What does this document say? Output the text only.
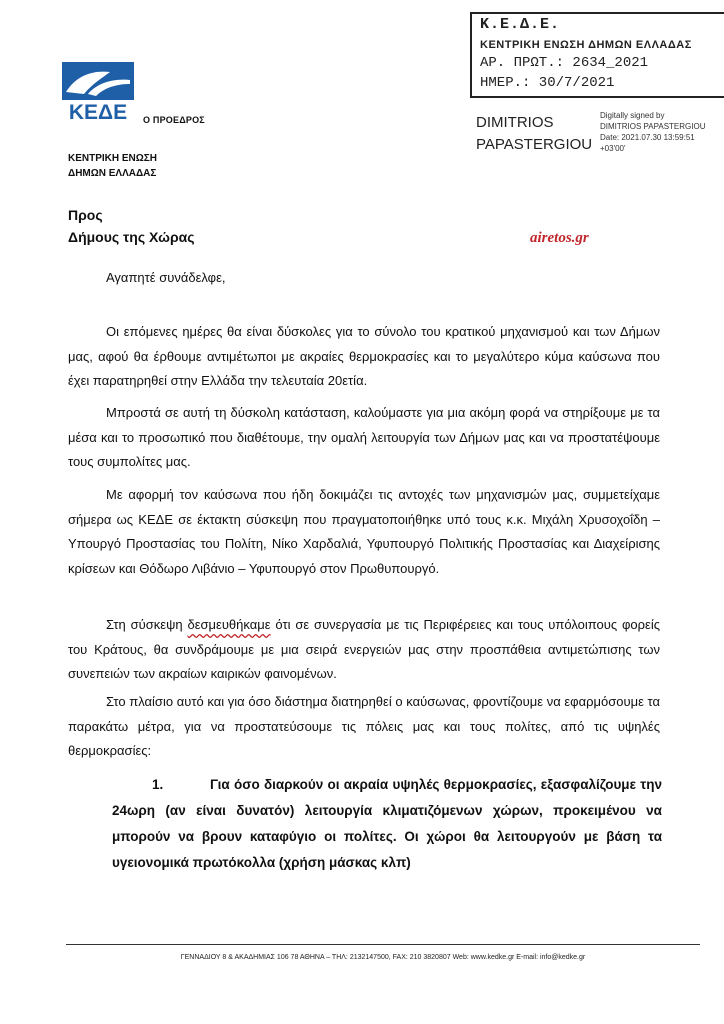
ΚΕΔΕ Ο ΠΡΟΕΔΡΟΣ
ΚΕΝΤΡΙΚΗ ΕΝΩΣΗ
ΔΗΜΩΝ ΕΛΛΑΔΑΣ
Κ.Ε.Δ.Ε.
ΚΕΝΤΡΙΚΗ ΕΝΩΣΗ ΔΗΜΩΝ ΕΛΛΑΔΑΣ
ΑΡ. ΠΡΩΤ.: 2634_2021
ΗΜΕΡ.: 30/7/2021
DIMITRIOS
PAPASTERGIOU
Digitally signed by
DIMITRIOS PAPASTERGIOU
Date: 2021.07.30 13:59:51
+03'00'
Προς
Δήμους της Χώρας	airetos.gr
Αγαπητέ συνάδελφε,
Οι επόμενες ημέρες θα είναι δύσκολες για το σύνολο του κρατικού μηχανισμού και των Δήμων μας, αφού θα έρθουμε αντιμέτωποι με ακραίες θερμοκρασίες και το μεγαλύτερο κύμα καύσωνα που έχει παρατηρηθεί στην Ελλάδα την τελευταία 20ετία.
Μπροστά σε αυτή τη δύσκολη κατάσταση, καλούμαστε για μια ακόμη φορά να στηρίξουμε με τα μέσα και το προσωπικό που διαθέτουμε, την ομαλή λειτουργία των Δήμων μας και να προστατέψουμε τους συμπολίτες μας.
Με αφορμή τον καύσωνα που ήδη δοκιμάζει τις αντοχές των μηχανισμών μας, συμμετείχαμε σήμερα ως ΚΕΔΕ σε έκτακτη σύσκεψη που πραγματοποιήθηκε υπό τους κ.κ. Μιχάλη Χρυσοχοΐδη – Υπουργό Προστασίας του Πολίτη, Νίκο Χαρδαλιά, Υφυπουργό Πολιτικής Προστασίας και Διαχείρισης κρίσεων και Θόδωρο Λιβάνιο – Υφυπουργό στον Πρωθυπουργό.
Στη σύσκεψη δεσμευθήκαμε ότι σε συνεργασία με τις Περιφέρειες και τους υπόλοιπους φορείς του Κράτους, θα συνδράμουμε με μια σειρά ενεργειών μας στην προσπάθεια αντιμετώπισης των συνεπειών των ακραίων καιρικών φαινομένων.
Στο πλαίσιο αυτό και για όσο διάστημα διατηρηθεί ο καύσωνας, φροντίζουμε να εφαρμόσουμε τα παρακάτω μέτρα, για να προστατεύσουμε τις πόλεις μας και τους πολίτες, από τις υψηλές θερμοκρασίες:
1.	Για όσο διαρκούν οι ακραία υψηλές θερμοκρασίες, εξασφαλίζουμε την 24ωρη (αν είναι δυνατόν) λειτουργία κλιματιζόμενων χώρων, προκειμένου να μπορούν να βρουν καταφύγιο οι πολίτες. Οι χώροι θα λειτουργούν με βάση τα υγειονομικά πρωτόκολλα (χρήση μάσκας κλπ)
ΓΕΝΝΑΔΙΟΥ 8 & ΑΚΑΔΗΜΙΑΣ 106 78 ΑΘΗΝΑ – ΤΗΛ: 2132147500, FAX: 210 3820807 Web: www.kedke.gr E-mail: info@kedke.gr
